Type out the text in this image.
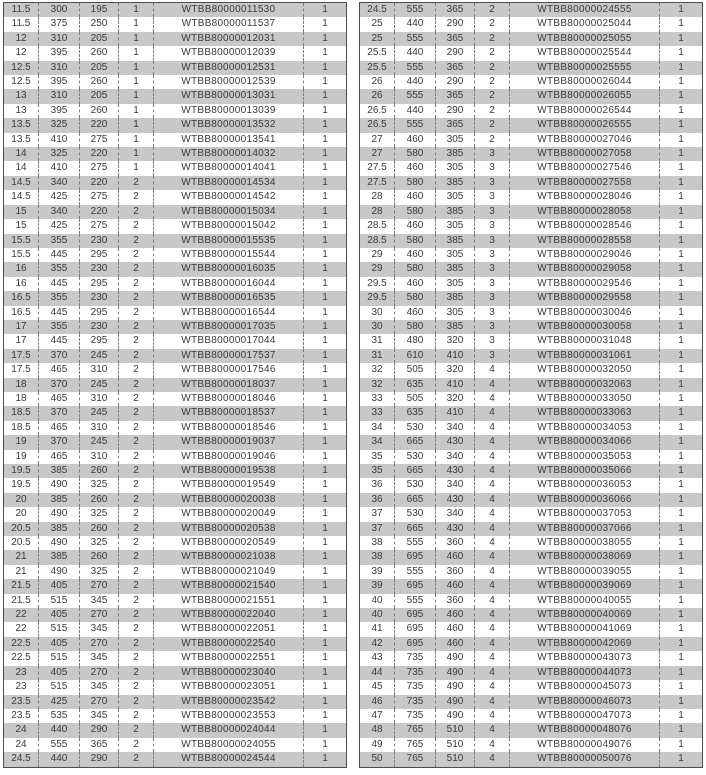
11.5	300	195	1	WTBB80000011530	1
11.5	375	250	1	WTBB80000011537	1
12	310	205	1	WTBB80000012031	1
12	395	260	1	WTBB80000012039	1
12.5	310	205	1	WTBB80000012531	1
12.5	395	260	1	WTBB80000012539	1
13	310	205	1	WTBB80000013031	1
13	395	260	1	WTBB80000013039	1
13.5	325	220	1	WTBB80000013532	1
13.5	410	275	1	WTBB80000013541	1
14	325	220	1	WTBB80000014032	1
14	410	275	1	WTBB80000014041	1
14.5	340	220	2	WTBB80000014534	1
14.5	425	275	2	WTBB80000014542	1
15	340	220	2	WTBB80000015034	1
15	425	275	2	WTBB80000015042	1
15.5	355	230	2	WTBB80000015535	1
15.5	445	295	2	WTBB80000015544	1
16	355	230	2	WTBB80000016035	1
16	445	295	2	WTBB80000016044	1
16.5	355	230	2	WTBB80000016535	1
16.5	445	295	2	WTBB80000016544	1
17	355	230	2	WTBB80000017035	1
17	445	295	2	WTBB80000017044	1
17.5	370	245	2	WTBB80000017537	1
17.5	465	310	2	WTBB80000017546	1
18	370	245	2	WTBB80000018037	1
18	465	310	2	WTBB80000018046	1
18.5	370	245	2	WTBB80000018537	1
18.5	465	310	2	WTBB80000018546	1
19	370	245	2	WTBB80000019037	1
19	465	310	2	WTBB80000019046	1
19.5	385	260	2	WTBB80000019538	1
19.5	490	325	2	WTBB80000019549	1
20	385	260	2	WTBB80000020038	1
20	490	325	2	WTBB80000020049	1
20.5	385	260	2	WTBB80000020538	1
20.5	490	325	2	WTBB80000020549	1
21	385	260	2	WTBB80000021038	1
21	490	325	2	WTBB80000021049	1
21.5	405	270	2	WTBB80000021540	1
21.5	515	345	2	WTBB80000021551	1
22	405	270	2	WTBB80000022040	1
22	515	345	2	WTBB80000022051	1
22.5	405	270	2	WTBB80000022540	1
22.5	515	345	2	WTBB80000022551	1
23	405	270	2	WTBB80000023040	1
23	515	345	2	WTBB80000023051	1
23.5	425	270	2	WTBB80000023542	1
23.5	535	345	2	WTBB80000023553	1
24	440	290	2	WTBB80000024044	1
24	555	365	2	WTBB80000024055	1
24.5	440	290	2	WTBB80000024544	1
24.5	555	365	2	WTBB80000024555	1
25	440	290	2	WTBB80000025044	1
25	555	365	2	WTBB80000025055	1
25.5	440	290	2	WTBB80000025544	1
25.5	555	365	2	WTBB80000025555	1
26	440	290	2	WTBB80000026044	1
26	555	365	2	WTBB80000026055	1
26.5	440	290	2	WTBB80000026544	1
26.5	555	365	2	WTBB80000026555	1
27	460	305	2	WTBB80000027046	1
27	580	385	3	WTBB80000027058	1
27.5	460	305	3	WTBB80000027546	1
27.5	580	385	3	WTBB80000027558	1
28	460	305	3	WTBB80000028046	1
28	580	385	3	WTBB80000028058	1
28.5	460	305	3	WTBB80000028546	1
28.5	580	385	3	WTBB80000028558	1
29	460	305	3	WTBB80000029046	1
29	580	385	3	WTBB80000029058	1
29.5	460	305	3	WTBB80000029546	1
29.5	580	385	3	WTBB80000029558	1
30	460	305	3	WTBB80000030046	1
30	580	385	3	WTBB80000030058	1
31	480	320	3	WTBB80000031048	1
31	610	410	3	WTBB80000031061	1
32	505	320	4	WTBB80000032050	1
32	635	410	4	WTBB80000032063	1
33	505	320	4	WTBB80000033050	1
33	635	410	4	WTBB80000033063	1
34	530	340	4	WTBB80000034053	1
34	665	430	4	WTBB80000034066	1
35	530	340	4	WTBB80000035053	1
35	665	430	4	WTBB80000035066	1
36	530	340	4	WTBB80000036053	1
36	665	430	4	WTBB80000036066	1
37	530	340	4	WTBB80000037053	1
37	665	430	4	WTBB80000037066	1
38	555	360	4	WTBB80000038055	1
38	695	460	4	WTBB80000038069	1
39	555	360	4	WTBB80000039055	1
39	695	460	4	WTBB80000039069	1
40	555	360	4	WTBB80000040055	1
40	695	460	4	WTBB80000040069	1
41	695	460	4	WTBB80000041069	1
42	695	460	4	WTBB80000042069	1
43	735	490	4	WTBB80000043073	1
44	735	490	4	WTBB80000044073	1
45	735	490	4	WTBB80000045073	1
46	735	490	4	WTBB80000046073	1
47	735	490	4	WTBB80000047073	1
48	765	510	4	WTBB80000048076	1
49	765	510	4	WTBB80000049076	1
50	765	510	4	WTBB80000050076	1
